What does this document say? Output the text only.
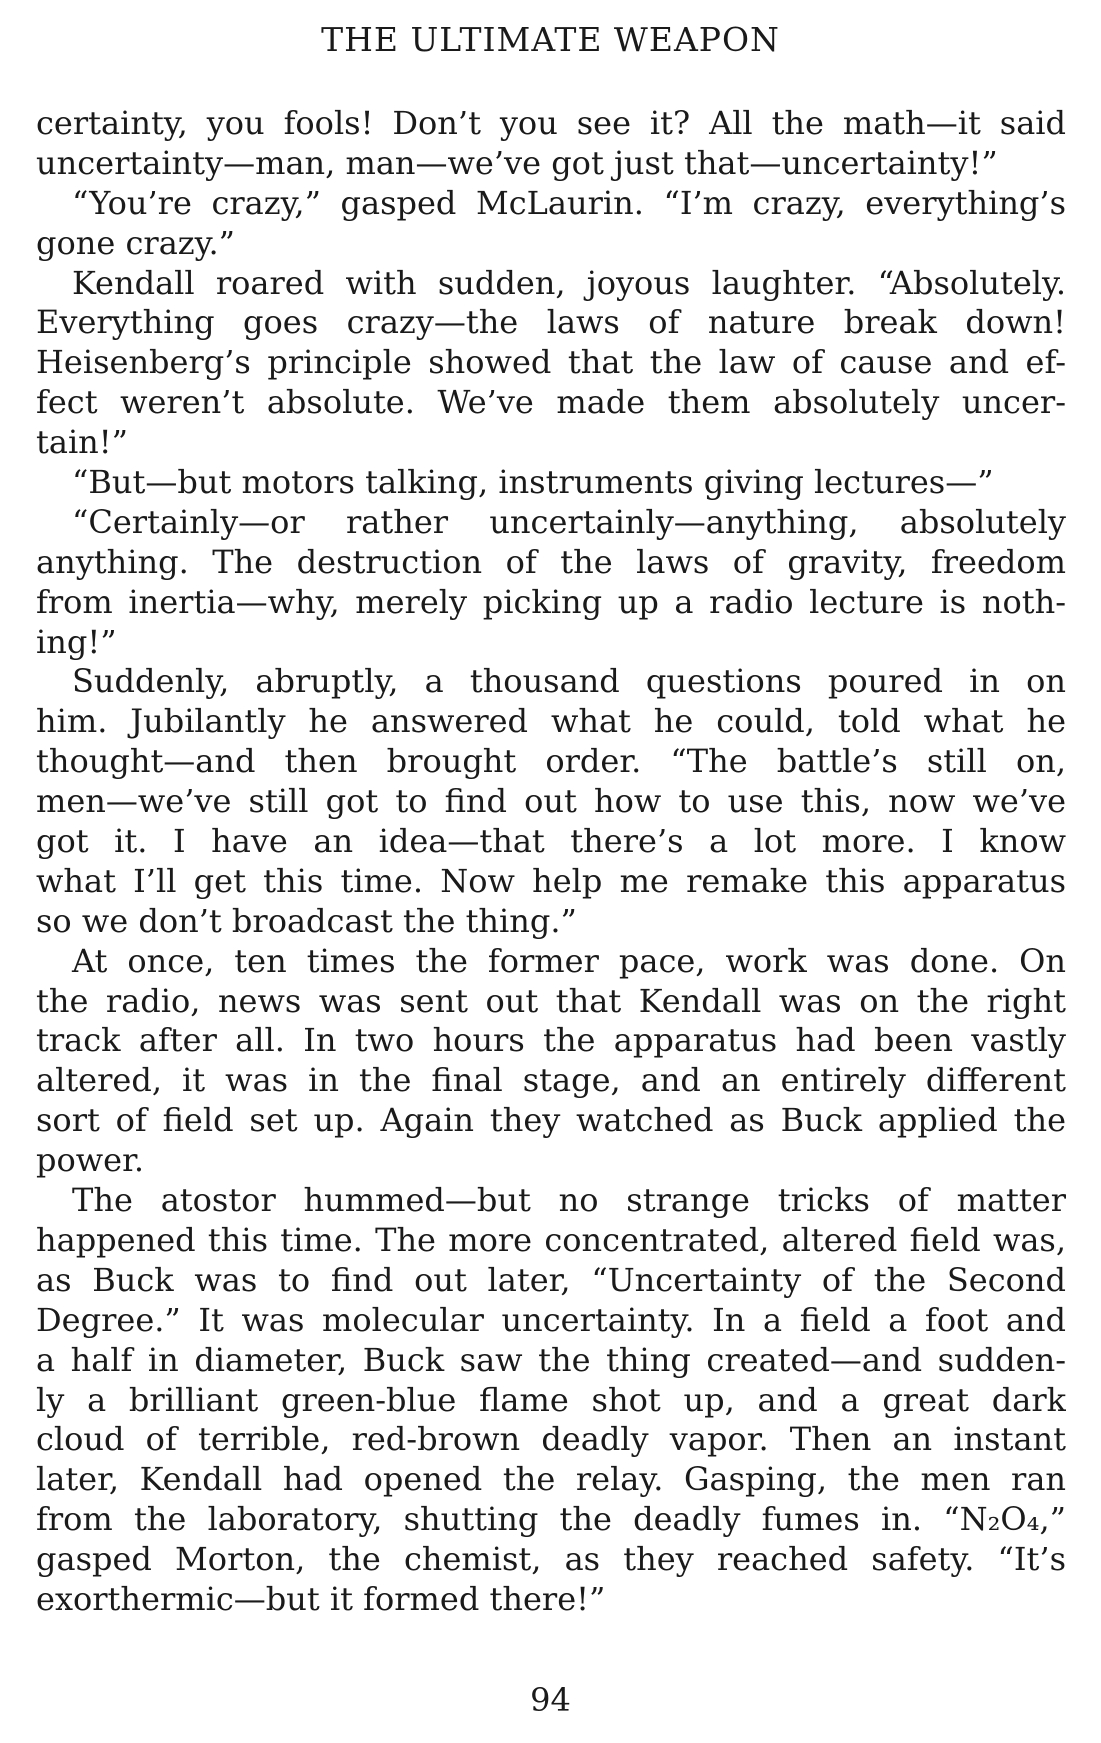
THE ULTIMATE WEAPON
certainty, you fools! Don’t you see it? All the math—it said
uncertainty—man, man—we’ve got just that—uncertainty!”
“You’re crazy,” gasped McLaurin. “I’m crazy, everything’s
gone crazy.”
Kendall roared with sudden, joyous laughter. “Absolutely.
Everything goes crazy—the laws of nature break down!
Heisenberg’s principle showed that the law of cause and ef-
fect weren’t absolute. We’ve made them absolutely uncer-
tain!”
“But—but motors talking, instruments giving lectures—”
“Certainly—or rather uncertainly—anything, absolutely
anything. The destruction of the laws of gravity, freedom
from inertia—why, merely picking up a radio lecture is noth-
ing!”
Suddenly, abruptly, a thousand questions poured in on
him. Jubilantly he answered what he could, told what he
thought—and then brought order. “The battle’s still on,
men—we’ve still got to find out how to use this, now we’ve
got it. I have an idea—that there’s a lot more. I know
what I’ll get this time. Now help me remake this apparatus
so we don’t broadcast the thing.”
At once, ten times the former pace, work was done. On
the radio, news was sent out that Kendall was on the right
track after all. In two hours the apparatus had been vastly
altered, it was in the final stage, and an entirely different
sort of field set up. Again they watched as Buck applied the
power.
The atostor hummed—but no strange tricks of matter
happened this time. The more concentrated, altered field was,
as Buck was to find out later, “Uncertainty of the Second
Degree.” It was molecular uncertainty. In a field a foot and
a half in diameter, Buck saw the thing created—and sudden-
ly a brilliant green-blue flame shot up, and a great dark
cloud of terrible, red-brown deadly vapor. Then an instant
later, Kendall had opened the relay. Gasping, the men ran
from the laboratory, shutting the deadly fumes in. “N₂O₄,”
gasped Morton, the chemist, as they reached safety. “It’s
exorthermic—but it formed there!”
94
